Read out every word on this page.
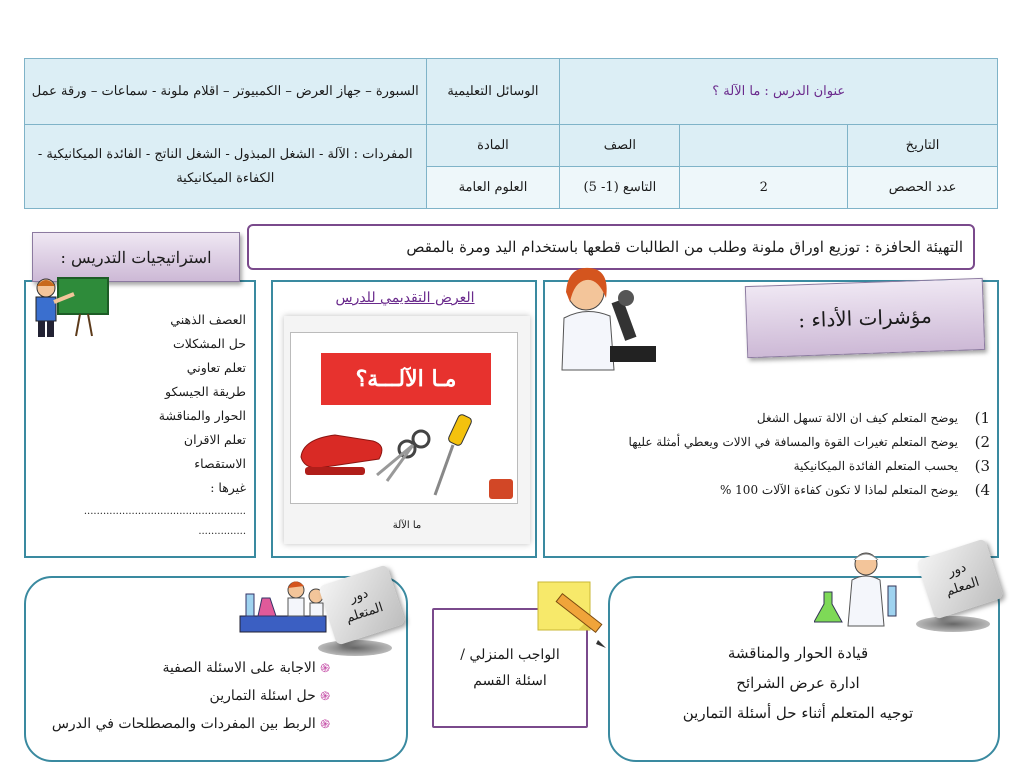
السبورة – جهاز العرض – الكمبيوتر – اقلام ملونة - سماعات – ورقة عمل	الوسائل التعليمية	عنوان الدرس : ما الآلة ؟		
المفردات : الآلة - الشغل المبذول - الشغل الناتج - الفائدة الميكانيكية - الكفاءة الميكانيكية	المادة	الصف		التاريخ
	العلوم العامة	التاسع (1- 5)	2	عدد الحصص
التهيئة الحافزة : توزيع اوراق ملونة وطلب من الطالبات قطعها باستخدام اليد ومرة بالمقص
استراتيجيات التدريس :
العصف الذهني
حل المشكلات
تعلم تعاوني
طريقة الجيسكو
الحوار والمناقشة
تعلم الاقران
الاستقصاء
غيرها :
...................................................
...............
العرض التقديمي للدرس
مـا الآلـــة؟
ما الآلة
مؤشرات الأداء :
1)
يوضح المتعلم كيف ان الالة تسهل الشغل
2)
يوضح المتعلم تغيرات القوة والمسافة في الالات ويعطي أمثلة عليها
3)
يحسب المتعلم الفائدة الميكانيكية
4)
يوضح المتعلم لماذا لا تكون كفاءة الآلات 100 %
دور المتعلم
֍ الاجابة على الاسئلة الصفية
֍ حل اسئلة التمارين
֍ الربط بين المفردات والمصطلحات في الدرس
الواجب المنزلي / اسئلة القسم
دور المعلم
قيادة الحوار والمناقشة
ادارة عرض الشرائح
توجيه المتعلم أثناء حل أسئلة التمارين
